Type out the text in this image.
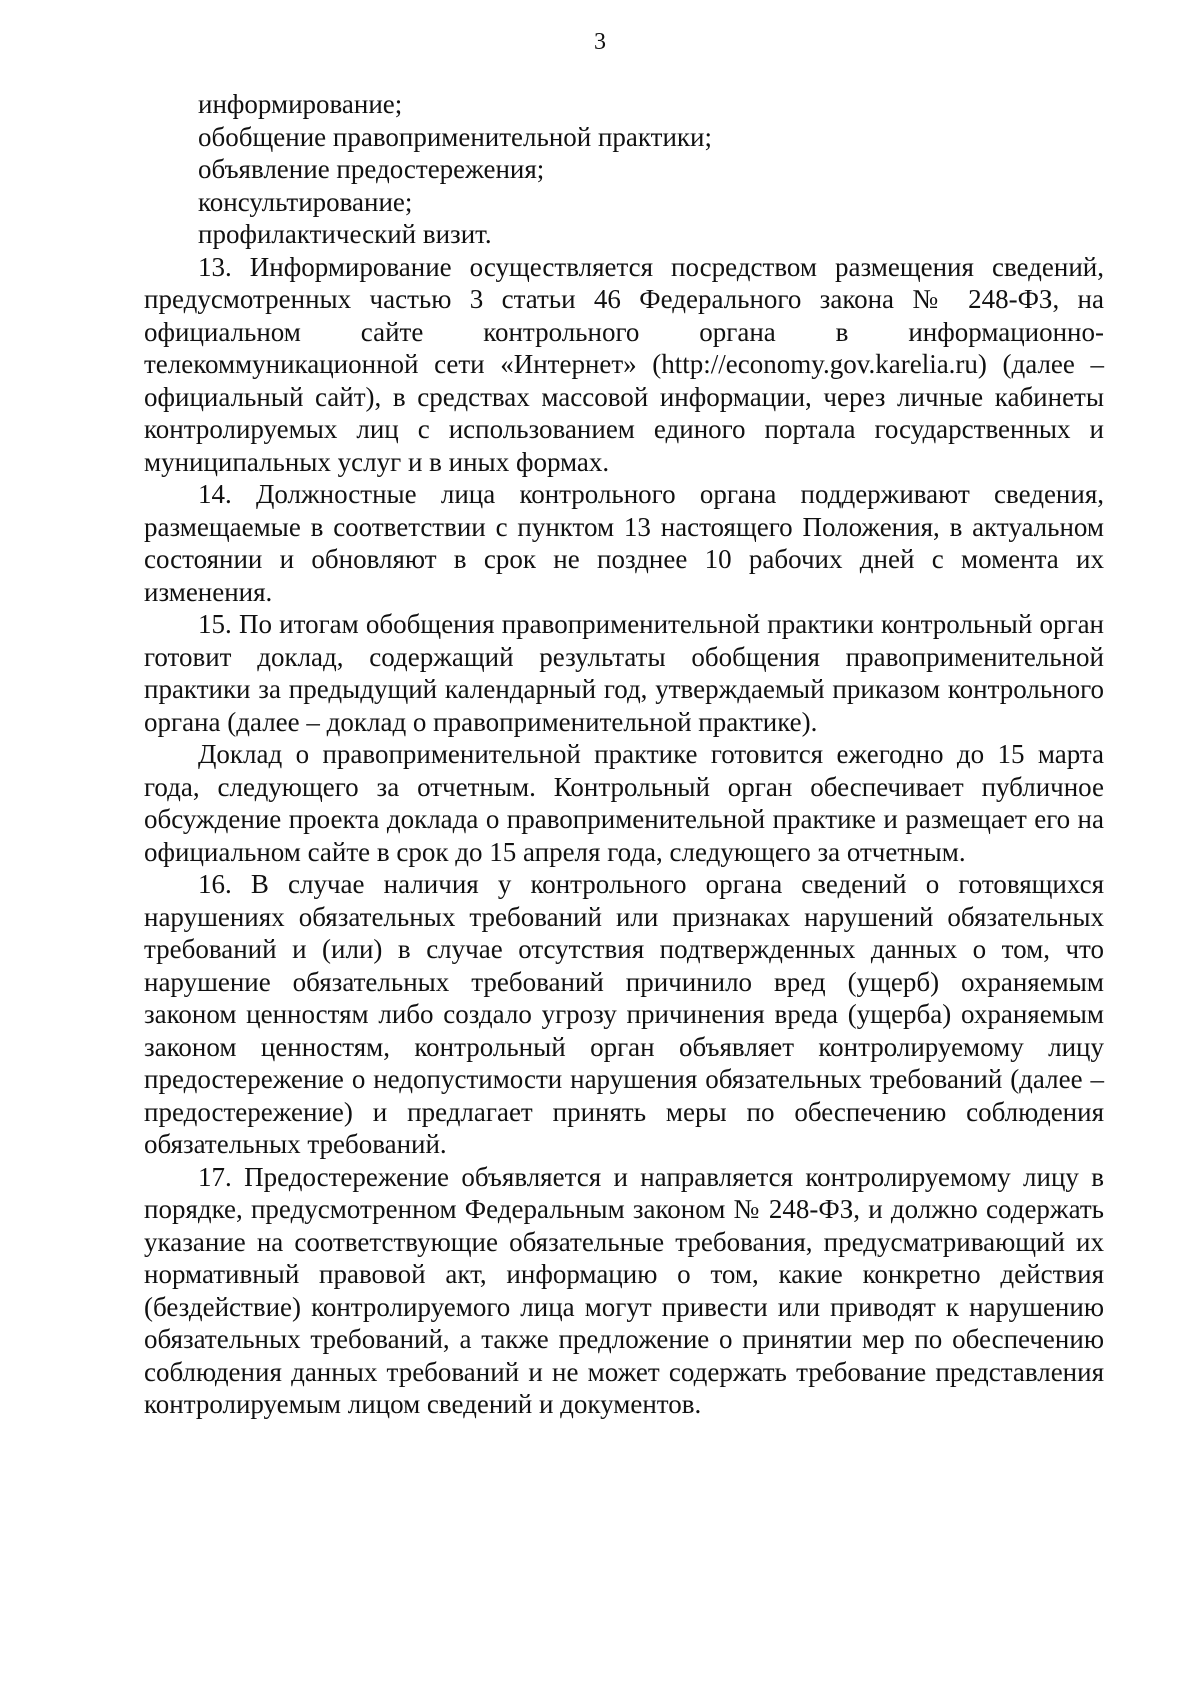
3

информирование;

обобщение правоприменительной практики;

объявление предостережения;

консультирование;

профилактический визит.

13. Информирование осуществляется посредством размещения сведений, предусмотренных частью 3 статьи 46 Федерального закона № 248-ФЗ, на официальном сайте контрольного органа в информационно-телекоммуникационной сети «Интернет» (http://economy.gov.karelia.ru) (далее – официальный сайт), в средствах массовой информации, через личные кабинеты контролируемых лиц с использованием единого портала государственных и муниципальных услуг и в иных формах.

14. Должностные лица контрольного органа поддерживают сведения, размещаемые в соответствии с пунктом 13 настоящего Положения, в актуальном состоянии и обновляют в срок не позднее 10 рабочих дней с момента их изменения.

15. По итогам обобщения правоприменительной практики контрольный орган готовит доклад, содержащий результаты обобщения правоприменительной практики за предыдущий календарный год, утверждаемый приказом контрольного органа (далее – доклад о правоприменительной практике).

Доклад о правоприменительной практике готовится ежегодно до 15 марта года, следующего за отчетным. Контрольный орган обеспечивает публичное обсуждение проекта доклада о правоприменительной практике и размещает его на официальном сайте в срок до 15 апреля года, следующего за отчетным.

16. В случае наличия у контрольного органа сведений о готовящихся нарушениях обязательных требований или признаках нарушений обязательных требований и (или) в случае отсутствия подтвержденных данных о том, что нарушение обязательных требований причинило вред (ущерб) охраняемым законом ценностям либо создало угрозу причинения вреда (ущерба) охраняемым законом ценностям, контрольный орган объявляет контролируемому лицу предостережение о недопустимости нарушения обязательных требований (далее – предостережение) и предлагает принять меры по обеспечению соблюдения обязательных требований.

17. Предостережение объявляется и направляется контролируемому лицу в порядке, предусмотренном Федеральным законом № 248-ФЗ, и должно содержать указание на соответствующие обязательные требования, предусматривающий их нормативный правовой акт, информацию о том, какие конкретно действия (бездействие) контролируемого лица могут привести или приводят к нарушению обязательных требований, а также предложение о принятии мер по обеспечению соблюдения данных требований и не может содержать требование представления контролируемым лицом сведений и документов.
